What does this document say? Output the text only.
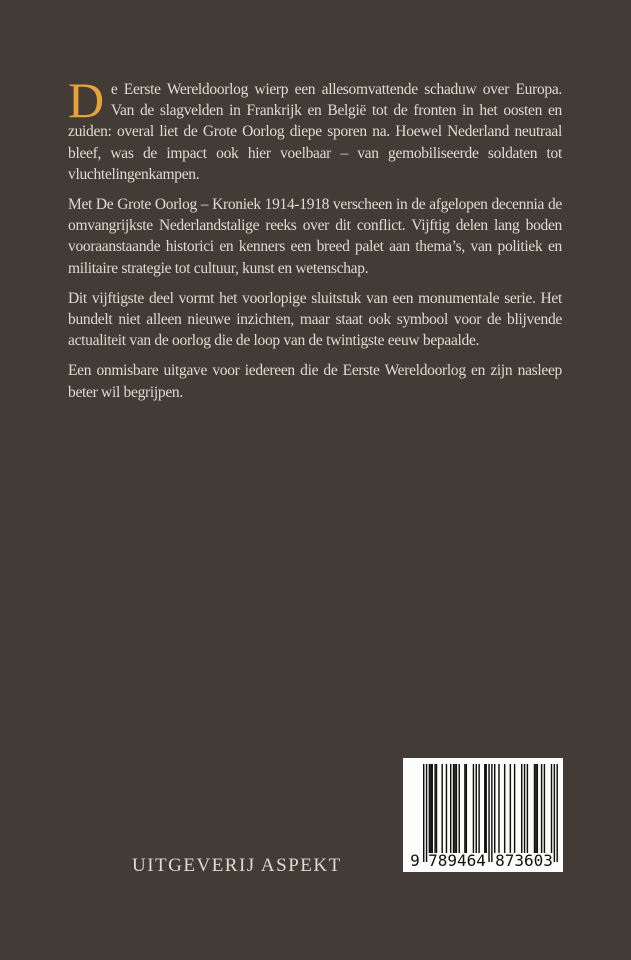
De Eerste Wereldoorlog wierp een allesomvattende schaduw over Europa. Van de slagvelden in Frankrijk en België tot de fronten in het oosten en zuiden: overal liet de Grote Oorlog diepe sporen na. Hoewel Nederland neutraal bleef, was de impact ook hier voelbaar – van gemobiliseerde soldaten tot vluchtelingenkampen.

Met De Grote Oorlog – Kroniek 1914-1918 verscheen in de afgelopen decennia de omvangrijkste Nederlandstalige reeks over dit conflict. Vijftig delen lang boden vooraanstaande historici en kenners een breed palet aan thema’s, van politiek en militaire strategie tot cultuur, kunst en wetenschap.

Dit vijftigste deel vormt het voorlopige sluitstuk van een monumentale serie. Het bundelt niet alleen nieuwe inzichten, maar staat ook symbool voor de blijvende actualiteit van de oorlog die de loop van de twintigste eeuw bepaalde.

Een onmisbare uitgave voor iedereen die de Eerste Wereldoorlog en zijn nasleep beter wil begrijpen.

UITGEVERIJ ASPEKT	9 789464 873603
